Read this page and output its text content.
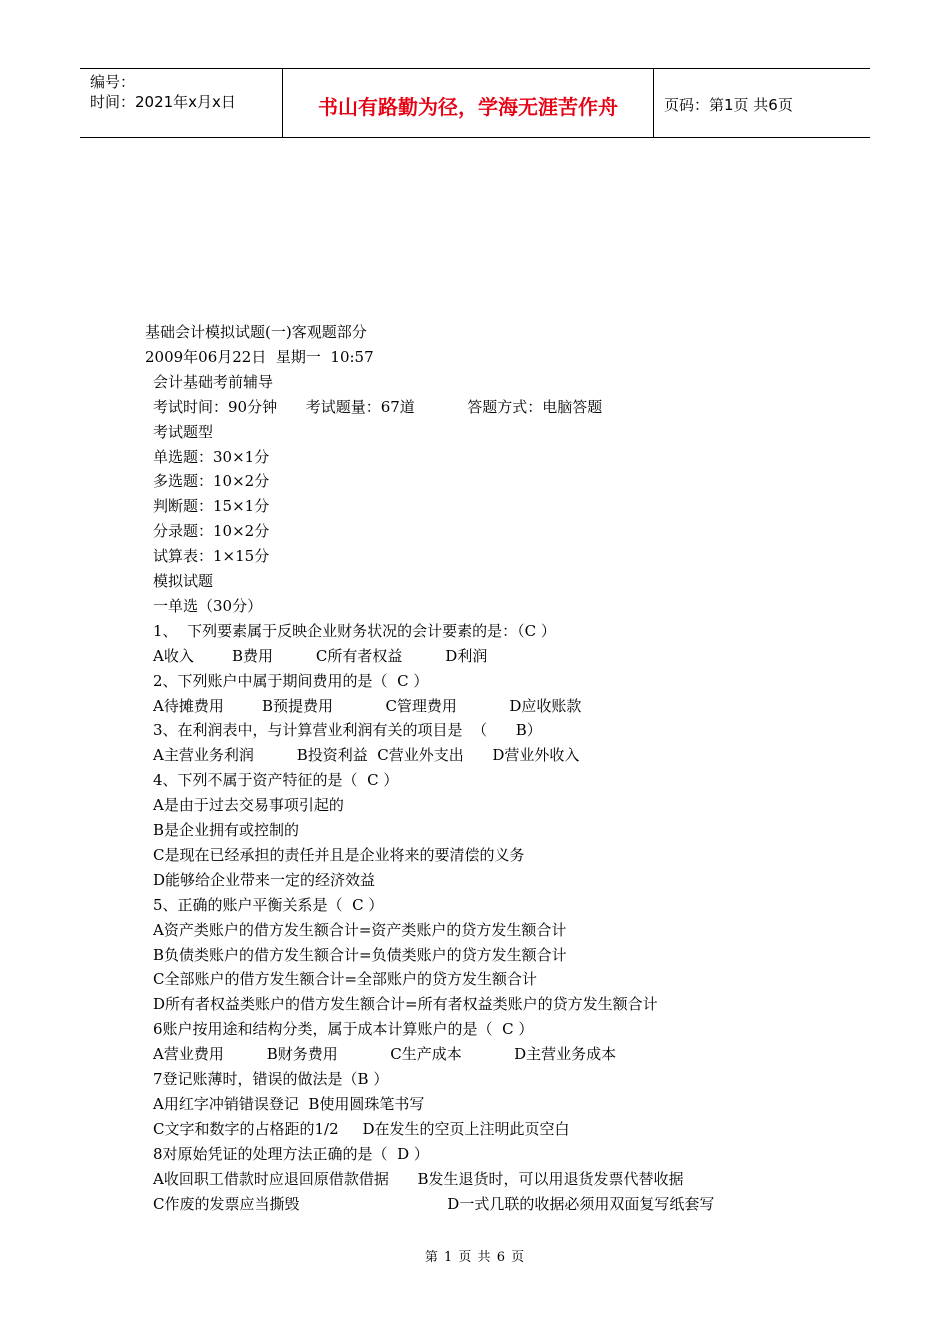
编号：
时间：2021年x月x日	书山有路勤为径，学海无涯苦作舟	页码：第1页 共6页
基础会计模拟试题(一)客观题部分
2009年06月22日  星期一  10:57
会计基础考前辅导
考试时间：90分钟      考试题量：67道           答题方式：电脑答题
考试题型
单选题：30×1分
多选题：10×2分
判断题：15×1分
分录题：10×2分
试算表：1×15分
模拟试题
一单选（30分）
1、  下列要素属于反映企业财务状况的会计要素的是：（C ）
A收入        B费用         C所有者权益         D利润
2、下列账户中属于期间费用的是（  C ）
A待摊费用        B预提费用           C管理费用           D应收账款
3、在利润表中，与计算营业利润有关的项目是  （      B）
A主营业务利润         B投资利益  C营业外支出      D营业外收入
4、下列不属于资产特征的是（  C ）
A是由于过去交易事项引起的
B是企业拥有或控制的
C是现在已经承担的责任并且是企业将来的要清偿的义务
D能够给企业带来一定的经济效益
5、正确的账户平衡关系是（  C ）
A资产类账户的借方发生额合计=资产类账户的贷方发生额合计
B负债类账户的借方发生额合计=负债类账户的贷方发生额合计
C全部账户的借方发生额合计=全部账户的贷方发生额合计
D所有者权益类账户的借方发生额合计=所有者权益类账户的贷方发生额合计
6账户按用途和结构分类，属于成本计算账户的是（  C ）
A营业费用         B财务费用           C生产成本           D主营业务成本
7登记账薄时，错误的做法是（B ）
A用红字冲销错误登记  B使用圆珠笔书写
C文字和数字的占格距的1/2     D在发生的空页上注明此页空白
8对原始凭证的处理方法正确的是（  D ）
A收回职工借款时应退回原借款借据      B发生退货时，可以用退货发票代替收据
C作废的发票应当撕毁                               D一式几联的收据必须用双面复写纸套写
第 1 页 共 6 页
